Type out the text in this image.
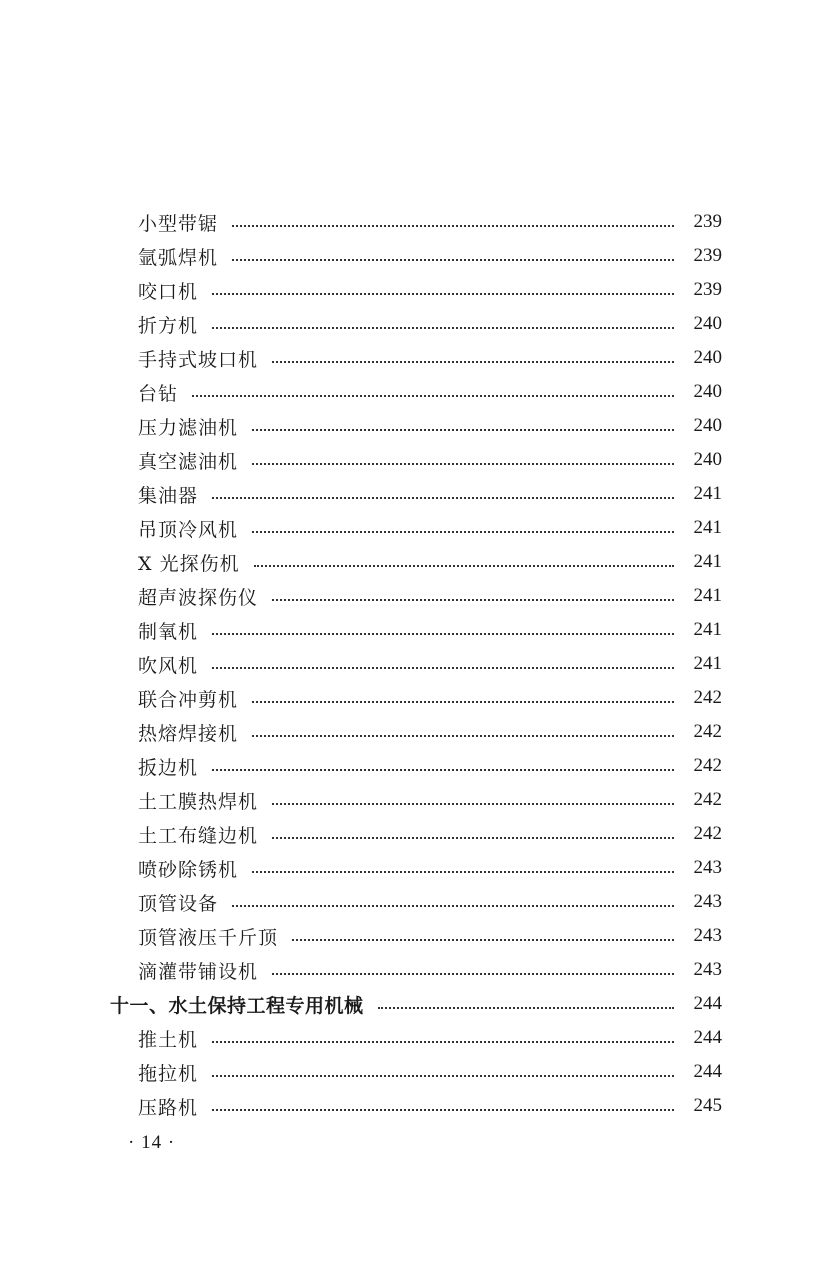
小型带锯	239
氩弧焊机	239
咬口机	239
折方机	240
手持式坡口机	240
台钻	240
压力滤油机	240
真空滤油机	240
集油器	241
吊顶冷风机	241
X 光探伤机	241
超声波探伤仪	241
制氧机	241
吹风机	241
联合冲剪机	242
热熔焊接机	242
扳边机	242
土工膜热焊机	242
土工布缝边机	242
喷砂除锈机	243
顶管设备	243
顶管液压千斤顶	243
滴灌带铺设机	243
十一、水土保持工程专用机械	244
推土机	244
拖拉机	244
压路机	245
· 14 ·
